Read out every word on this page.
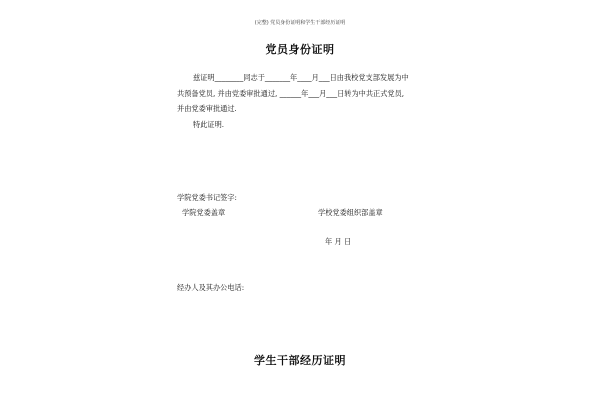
(完整) 党员身份证明和学生干部经历证明
党员身份证明
兹证明________同志于_______年____月___日由我校党支部发展为中
共预备党员, 并由党委审批通过, ______年___月___日转为中共正式党员,
并由党委审批通过.
特此证明.
学院党委书记签字:
学院党委盖章	学校党委组织部盖章
年 月 日
经办人及其办公电话:
学生干部经历证明
